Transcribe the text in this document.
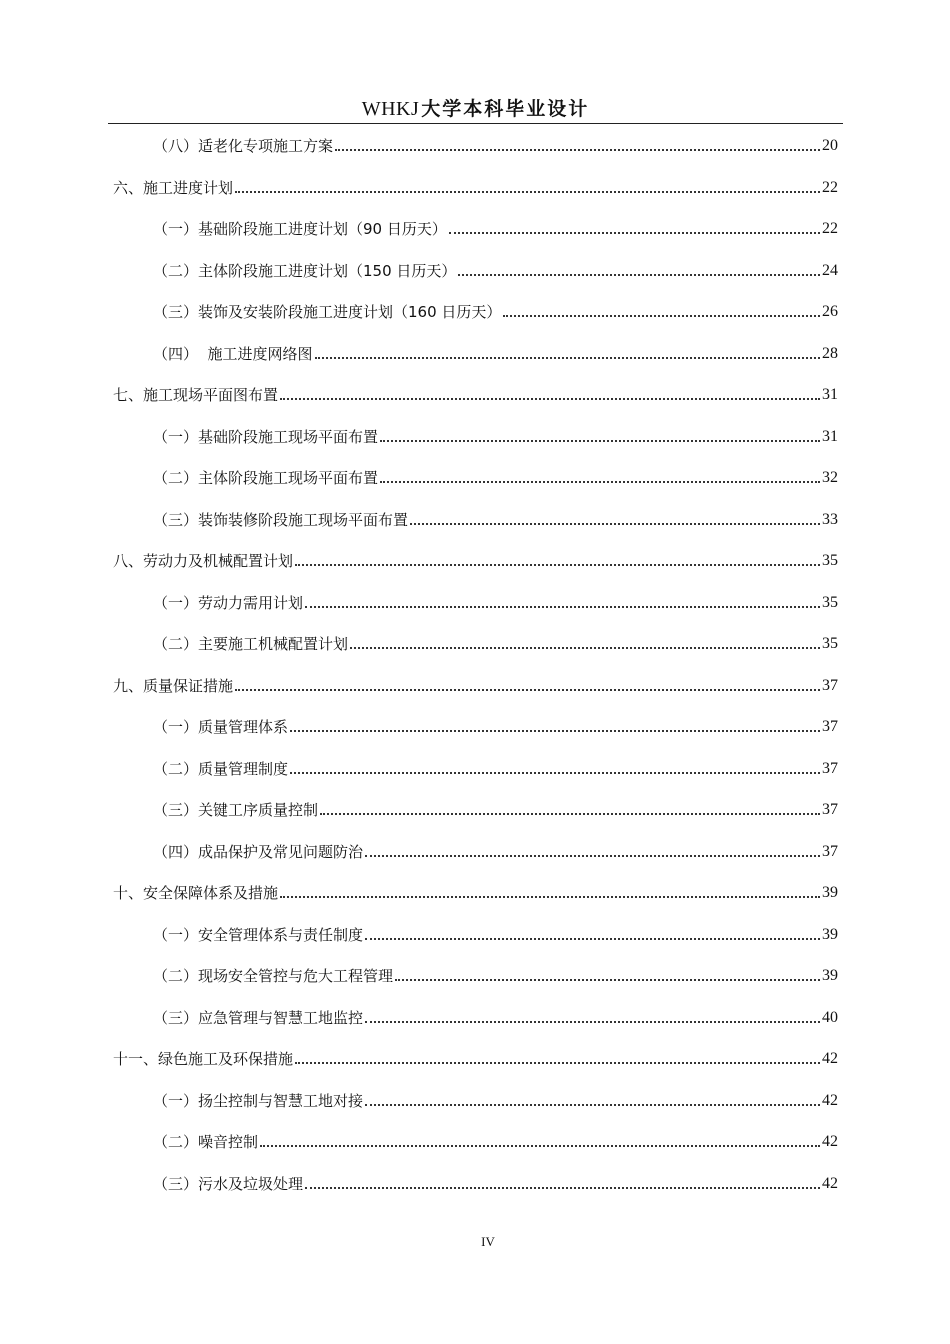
WHKJ 大学本科毕业设计
（八）适老化专项施工方案	20
六、施工进度计划	22
（一）基础阶段施工进度计划（90 日历天）	22
（二）主体阶段施工进度计划（150 日历天）	24
（三）装饰及安装阶段施工进度计划（160 日历天）	26
（四）  施工进度网络图	28
七、施工现场平面图布置	31
（一）基础阶段施工现场平面布置	31
（二）主体阶段施工现场平面布置	32
（三）装饰装修阶段施工现场平面布置	33
八、劳动力及机械配置计划	35
（一）劳动力需用计划	35
（二）主要施工机械配置计划	35
九、质量保证措施	37
（一）质量管理体系	37
（二）质量管理制度	37
（三）关键工序质量控制	37
（四）成品保护及常见问题防治	37
十、安全保障体系及措施	39
（一）安全管理体系与责任制度	39
（二）现场安全管控与危大工程管理	39
（三）应急管理与智慧工地监控	40
十一、绿色施工及环保措施	42
（一）扬尘控制与智慧工地对接	42
（二）噪音控制	42
（三）污水及垃圾处理	42
IV
